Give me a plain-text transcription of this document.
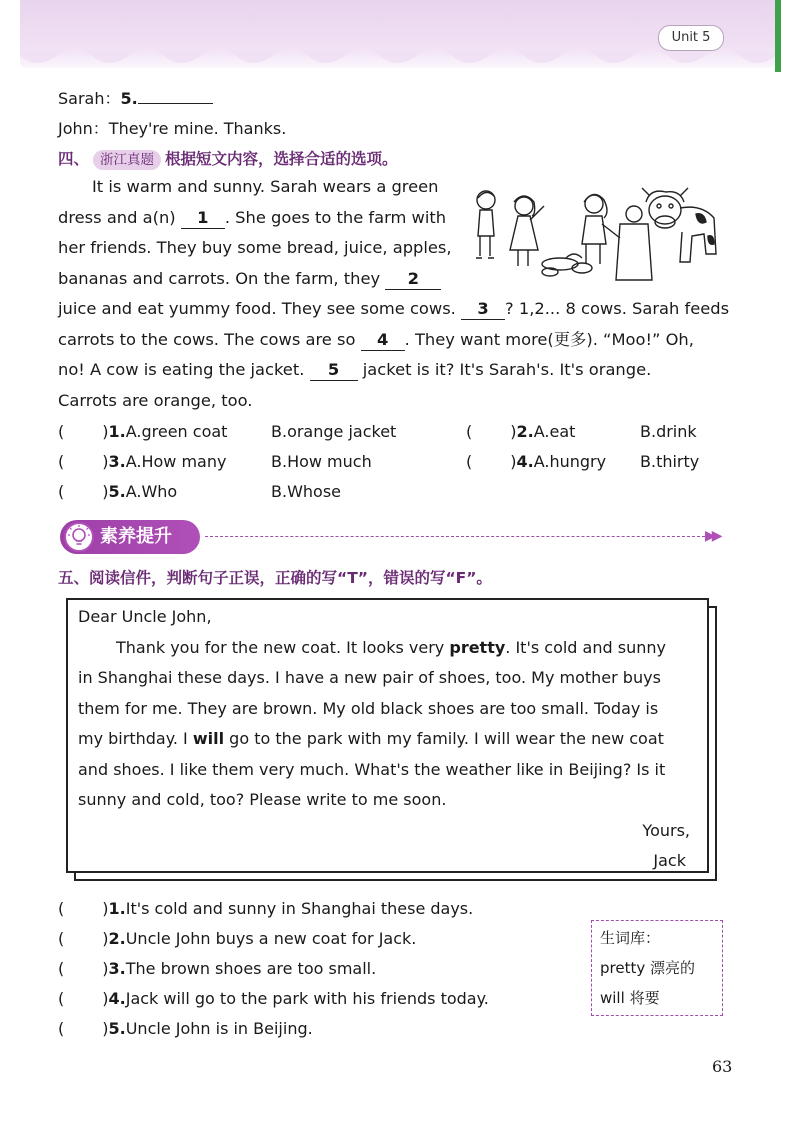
Unit 5
Sarah：5.
John：They're mine. Thanks.
四、 浙江真题 根据短文内容，选择合适的选项。
It is warm and sunny. Sarah wears a green
dress and a(n) 1 . She goes to the farm with
her friends. They buy some bread, juice, apples,
bananas and carrots. On the farm, they 2
juice and eat yummy food. They see some cows. 3 ? 1,2... 8 cows. Sarah feeds
carrots to the cows. The cows are so 4 . They want more(更多). “Moo!” Oh,
no! A cow is eating the jacket. 5 jacket is it? It's Sarah's. It's orange.
Carrots are orange, too.
( )1.A.green coat	B.orange jacket	( )2.A.eat	B.drink
( )3.A.How many	B.How much	( )4.A.hungry B.thirty
( )5.A.Who	B.Whose
素养提升	▶▶
五、阅读信件，判断句子正误，正确的写“T”，错误的写“F”。
Dear Uncle John,
Thank you for the new coat. It looks very pretty. It's cold and sunny
in Shanghai these days. I have a new pair of shoes, too. My mother buys
them for me. They are brown. My old black shoes are too small. Today is
my birthday. I will go to the park with my family. I will wear the new coat
and shoes. I like them very much. What's the weather like in Beijing? Is it
sunny and cold, too? Please write to me soon.
Yours,
Jack
( )1.It's cold and sunny in Shanghai these days.
( )2.Uncle John buys a new coat for Jack.
( )3.The brown shoes are too small.
( )4.Jack will go to the park with his friends today.
( )5.Uncle John is in Beijing.
生词库：
pretty 漂亮的
will 将要
63
